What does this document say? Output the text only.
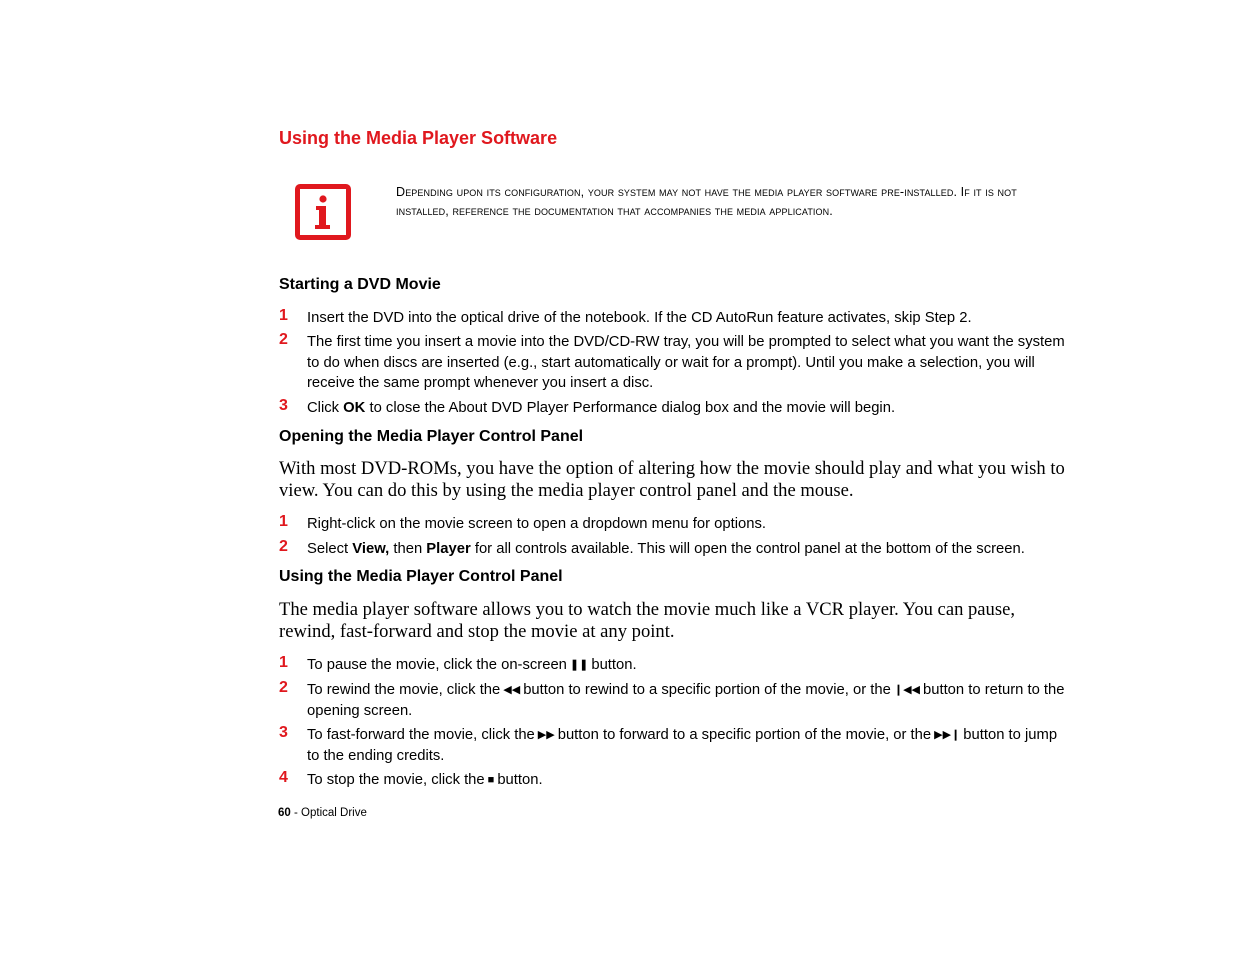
Using the Media Player Software
Depending upon its configuration, your system may not have the media player software pre-installed. If it is not installed, reference the documentation that accompanies the media application.
Starting a DVD Movie
1 Insert the DVD into the optical drive of the notebook. If the CD AutoRun feature activates, skip Step 2.
2 The first time you insert a movie into the DVD/CD-RW tray, you will be prompted to select what you want the system to do when discs are inserted (e.g., start automatically or wait for a prompt). Until you make a selection, you will receive the same prompt whenever you insert a disc.
3 Click OK to close the About DVD Player Performance dialog box and the movie will begin.
Opening the Media Player Control Panel
With most DVD-ROMs, you have the option of altering how the movie should play and what you wish to view. You can do this by using the media player control panel and the mouse.
1 Right-click on the movie screen to open a dropdown menu for options.
2 Select View, then Player for all controls available. This will open the control panel at the bottom of the screen.
Using the Media Player Control Panel
The media player software allows you to watch the movie much like a VCR player. You can pause, rewind, fast-forward and stop the movie at any point.
1 To pause the movie, click the on-screen ❚❚ button.
2 To rewind the movie, click the ◀◀ button to rewind to a specific portion of the movie, or the ❙◀◀ button to return to the opening screen.
3 To fast-forward the movie, click the ▶▶ button to forward to a specific portion of the movie, or the ▶▶❙ button to jump to the ending credits.
4 To stop the movie, click the ■ button.
60 - Optical Drive
